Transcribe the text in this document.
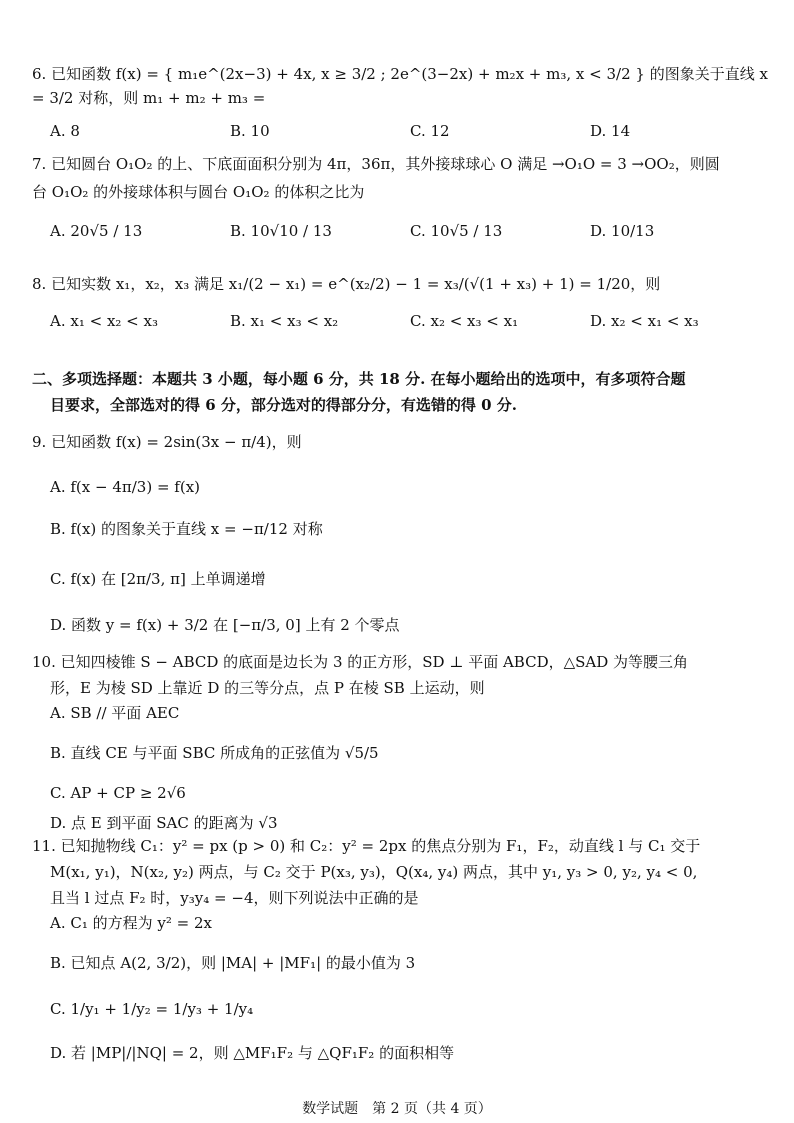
6. 已知函数 f(x) = { m₁e^(2x−3) + 4x, x ≥ 3/2 ; 2e^(3−2x) + m₂x + m₃, x < 3/2 } 的图象关于直线 x = 3/2 对称，则 m₁ + m₂ + m₃ =
A. 8	B. 10	C. 12	D. 14
7. 已知圆台 O₁O₂ 的上、下底面面积分别为 4π，36π，其外接球球心 O 满足 →O₁O = 3 →OO₂，则圆
台 O₁O₂ 的外接球体积与圆台 O₁O₂ 的体积之比为
A. 20√5 / 13	B. 10√10 / 13	C. 10√5 / 13	D. 10/13
8. 已知实数 x₁，x₂，x₃ 满足 x₁/(2 − x₁) = e^(x₂/2) − 1 = x₃/(√(1 + x₃) + 1) = 1/20，则
A. x₁ < x₂ < x₃	B. x₁ < x₃ < x₂	C. x₂ < x₃ < x₁	D. x₂ < x₁ < x₃
二、多项选择题：本题共 3 小题，每小题 6 分，共 18 分. 在每小题给出的选项中，有多项符合题
目要求，全部选对的得 6 分，部分选对的得部分分，有选错的得 0 分.
9. 已知函数 f(x) = 2sin(3x − π/4)，则
A. f(x − 4π/3) = f(x)
B. f(x) 的图象关于直线 x = −π/12 对称
C. f(x) 在 [2π/3, π] 上单调递增
D. 函数 y = f(x) + 3/2 在 [−π/3, 0] 上有 2 个零点
10. 已知四棱锥 S − ABCD 的底面是边长为 3 的正方形，SD ⊥ 平面 ABCD，△SAD 为等腰三角
形，E 为棱 SD 上靠近 D 的三等分点，点 P 在棱 SB 上运动，则
A. SB // 平面 AEC
B. 直线 CE 与平面 SBC 所成角的正弦值为 √5/5
C. AP + CP ≥ 2√6
D. 点 E 到平面 SAC 的距离为 √3
11. 已知抛物线 C₁：y² = px (p > 0) 和 C₂：y² = 2px 的焦点分别为 F₁，F₂，动直线 l 与 C₁ 交于
M(x₁, y₁)，N(x₂, y₂) 两点，与 C₂ 交于 P(x₃, y₃)，Q(x₄, y₄) 两点，其中 y₁, y₃ > 0, y₂, y₄ < 0,
且当 l 过点 F₂ 时，y₃y₄ = −4，则下列说法中正确的是
A. C₁ 的方程为 y² = 2x
B. 已知点 A(2, 3/2)，则 |MA| + |MF₁| 的最小值为 3
C. 1/y₁ + 1/y₂ = 1/y₃ + 1/y₄
D. 若 |MP|/|NQ| = 2，则 △MF₁F₂ 与 △QF₁F₂ 的面积相等
数学试题　第 2 页（共 4 页）
